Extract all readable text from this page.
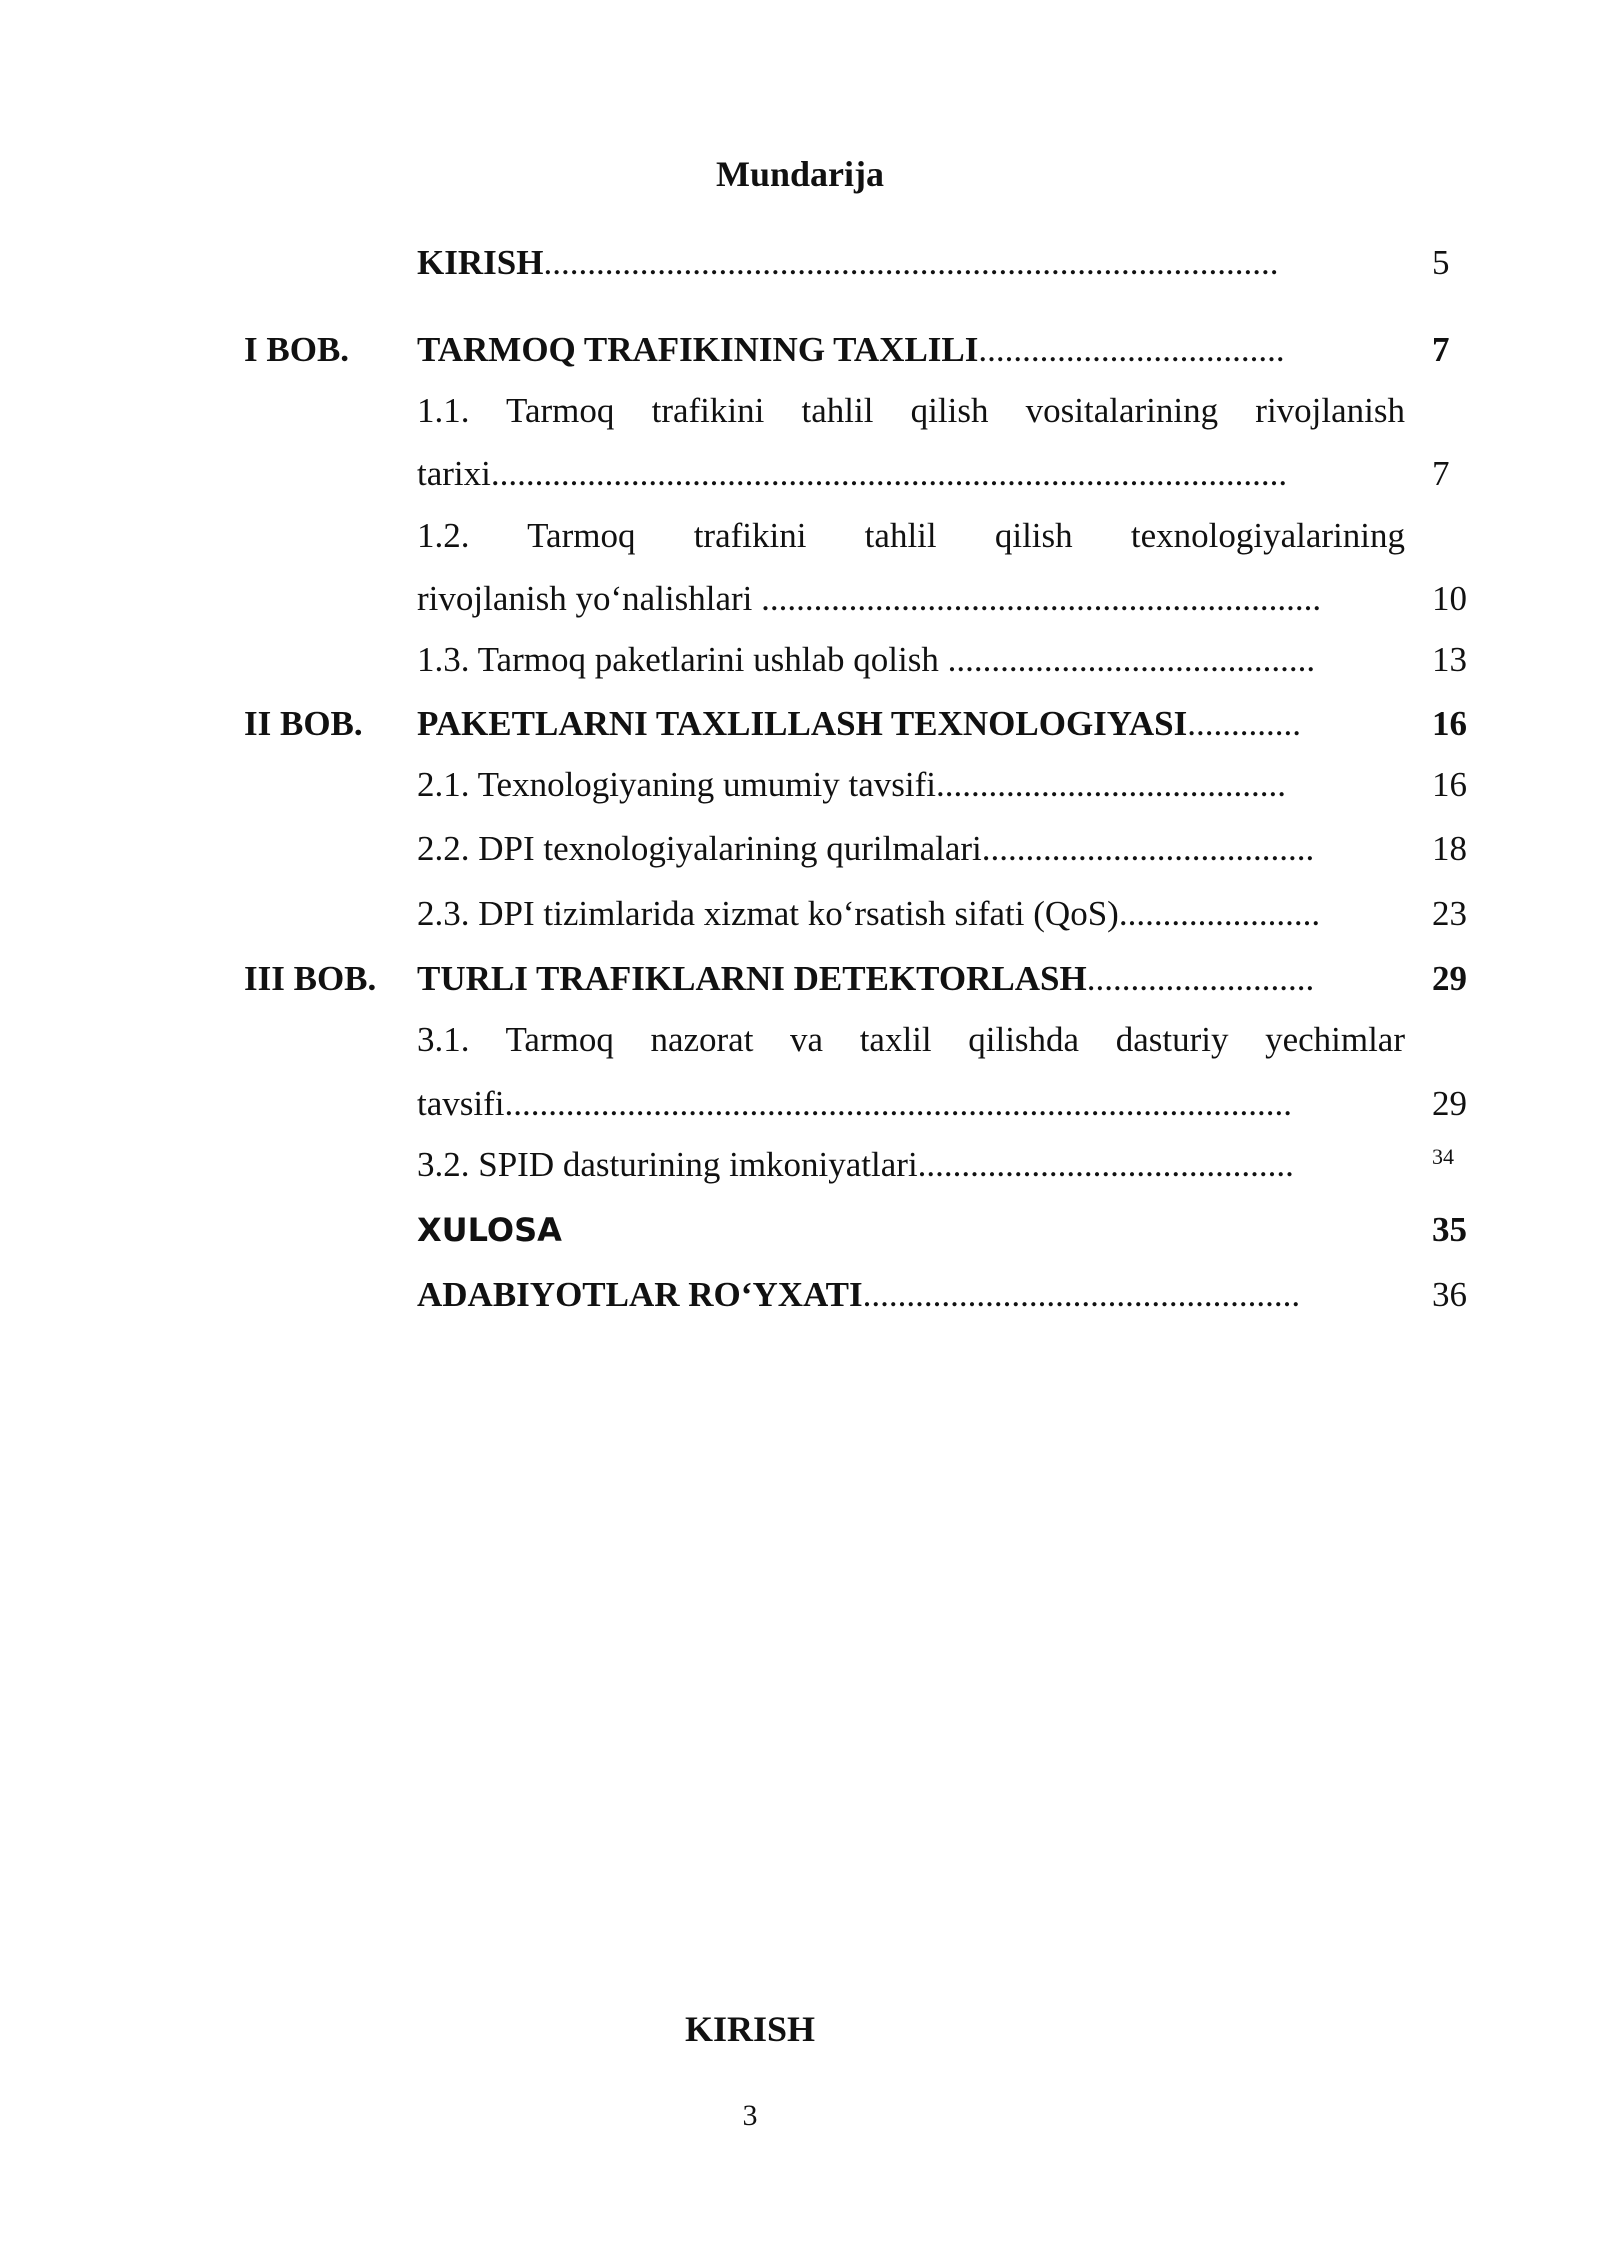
Mundarija
KIRISH....................................................................................	5
I BOB. TARMOQ TRAFIKINING TAXLILI...................................	7
1.1. Tarmoq trafikini tahlil qilish vositalarining rivojlanish
tarixi...........................................................................................	7
1.2. Tarmoq trafikini tahlil qilish texnologiyalarining
rivojlanish yo‘nalishlari ................................................................	10
1.3. Tarmoq paketlarini ushlab qolish ..........................................	13
II BOB. PAKETLARNI TAXLILLASH TEXNOLOGIYASI.............	16
2.1. Texnologiyaning umumiy tavsifi........................................	16
2.2. DPI texnologiyalarining qurilmalari......................................	18
2.3. DPI tizimlarida xizmat ko‘rsatish sifati (QoS).......................	23
III BOB. TURLI TRAFIKLARNI DETEKTORLASH..........................	29
3.1. Tarmoq nazorat va taxlil qilishda dasturiy yechimlar
tavsifi..........................................................................................	29
3.2. SPID dasturining imkoniyatlari...........................................	34
XULOSA	35
ADABIYOTLAR RO‘YXATI..................................................	36
KIRISH
3
